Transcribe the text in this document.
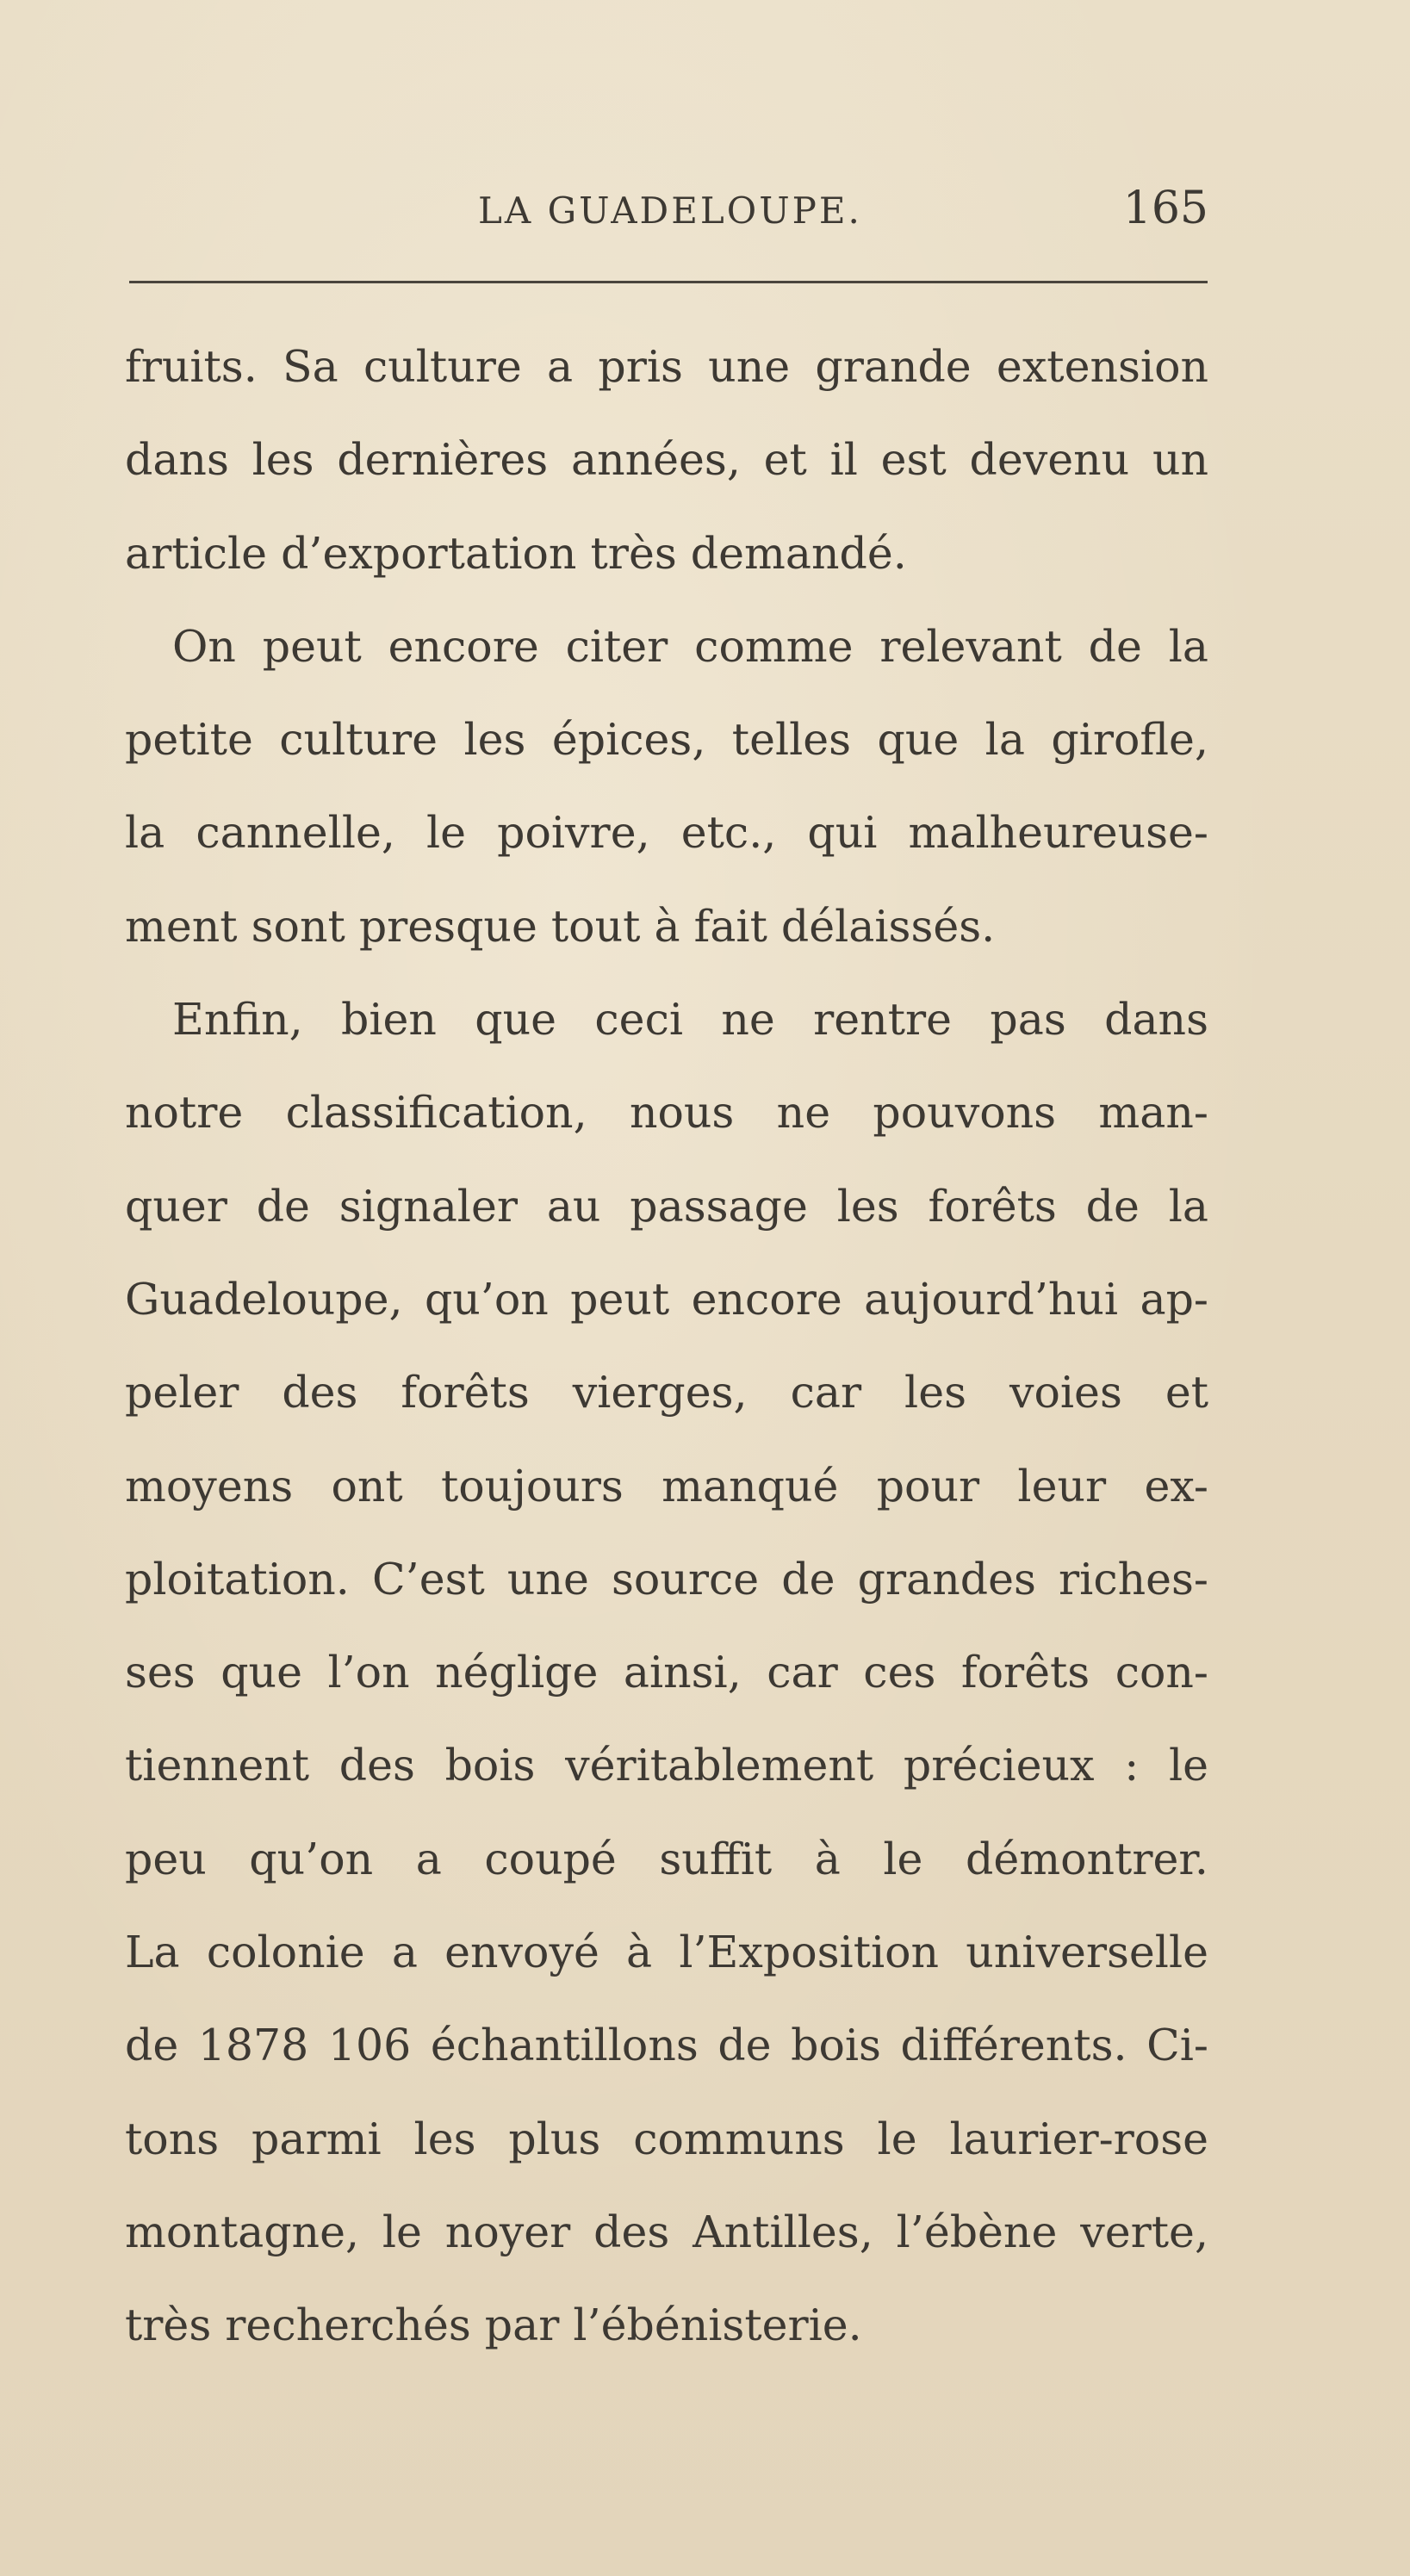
LA GUADELOUPE.	165
fruits. Sa culture a pris une grande extension
dans les dernières années, et il est devenu un
article d’exportation très demandé.
On peut encore citer comme relevant de la
petite culture les épices, telles que la girofle,
la cannelle, le poivre, etc., qui malheureuse-
ment sont presque tout à fait délaissés.
Enfin, bien que ceci ne rentre pas dans
notre classification, nous ne pouvons man-
quer de signaler au passage les forêts de la
Guadeloupe, qu’on peut encore aujourd’hui ap-
peler des forêts vierges, car les voies et
moyens ont toujours manqué pour leur ex-
ploitation. C’est une source de grandes riches-
ses que l’on néglige ainsi, car ces forêts con-
tiennent des bois véritablement précieux : le
peu qu’on a coupé suffit à le démontrer.
La colonie a envoyé à l’Exposition universelle
de 1878 106 échantillons de bois différents. Ci-
tons parmi les plus communs le laurier-rose
montagne, le noyer des Antilles, l’ébène verte,
très recherchés par l’ébénisterie.
